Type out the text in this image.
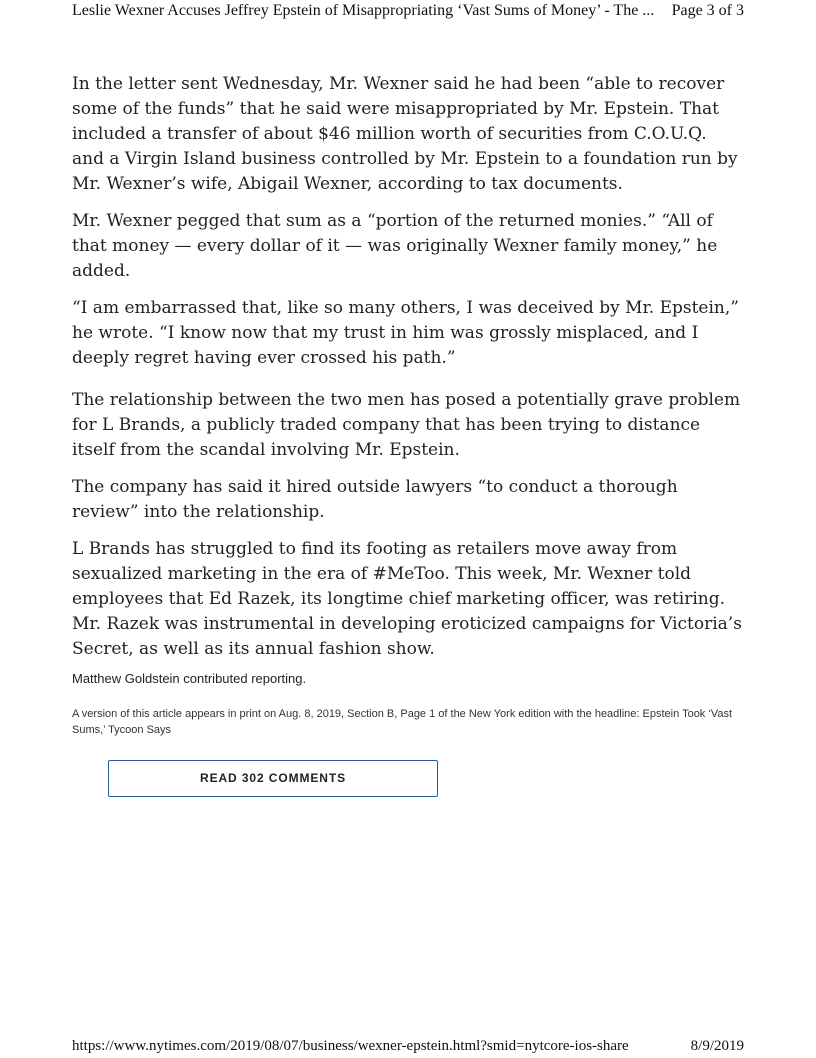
Leslie Wexner Accuses Jeffrey Epstein of Misappropriating ‘Vast Sums of Money’ - The ... Page 3 of 3

In the letter sent Wednesday, Mr. Wexner said he had been “able to recover some of the funds” that he said were misappropriated by Mr. Epstein. That included a transfer of about $46 million worth of securities from C.O.U.Q. and a Virgin Island business controlled by Mr. Epstein to a foundation run by Mr. Wexner’s wife, Abigail Wexner, according to tax documents.

Mr. Wexner pegged that sum as a “portion of the returned monies.” “All of that money — every dollar of it — was originally Wexner family money,” he added.

“I am embarrassed that, like so many others, I was deceived by Mr. Epstein,” he wrote. “I know now that my trust in him was grossly misplaced, and I deeply regret having ever crossed his path.”

The relationship between the two men has posed a potentially grave problem for L Brands, a publicly traded company that has been trying to distance itself from the scandal involving Mr. Epstein.

The company has said it hired outside lawyers “to conduct a thorough review” into the relationship.

L Brands has struggled to find its footing as retailers move away from sexualized marketing in the era of #MeToo. This week, Mr. Wexner told employees that Ed Razek, its longtime chief marketing officer, was retiring. Mr. Razek was instrumental in developing eroticized campaigns for Victoria’s Secret, as well as its annual fashion show.

Matthew Goldstein contributed reporting.
A version of this article appears in print on Aug. 8, 2019, Section B, Page 1 of the New York edition with the headline: Epstein Took ‘Vast Sums,’ Tycoon Says
READ 302 COMMENTS
https://www.nytimes.com/2019/08/07/business/wexner-epstein.html?smid=nytcore-ios-share	8/9/2019
